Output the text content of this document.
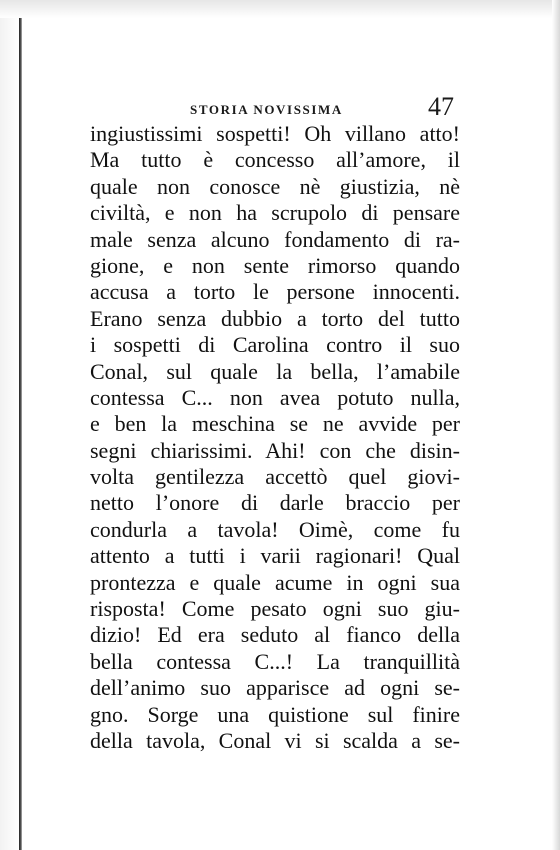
STORIA NOVISSIMA	47
ingiustissimi sospetti! Oh villano atto!
Ma tutto è concesso all’amore, il
quale non conosce nè giustizia, nè
civiltà, e non ha scrupolo di pensare
male senza alcuno fondamento di ra-
gione, e non sente rimorso quando
accusa a torto le persone innocenti.
Erano senza dubbio a torto del tutto
i sospetti di Carolina contro il suo
Conal, sul quale la bella, l’amabile
contessa C... non avea potuto nulla,
e ben la meschina se ne avvide per
segni chiarissimi. Ahi! con che disin-
volta gentilezza accettò quel giovi-
netto l’onore di darle braccio per
condurla a tavola! Oimè, come fu
attento a tutti i varii ragionari! Qual
prontezza e quale acume in ogni sua
risposta! Come pesato ogni suo giu-
dizio! Ed era seduto al fianco della
bella contessa C...! La tranquillità
dell’animo suo apparisce ad ogni se-
gno. Sorge una quistione sul finire
della tavola, Conal vi si scalda a se-
